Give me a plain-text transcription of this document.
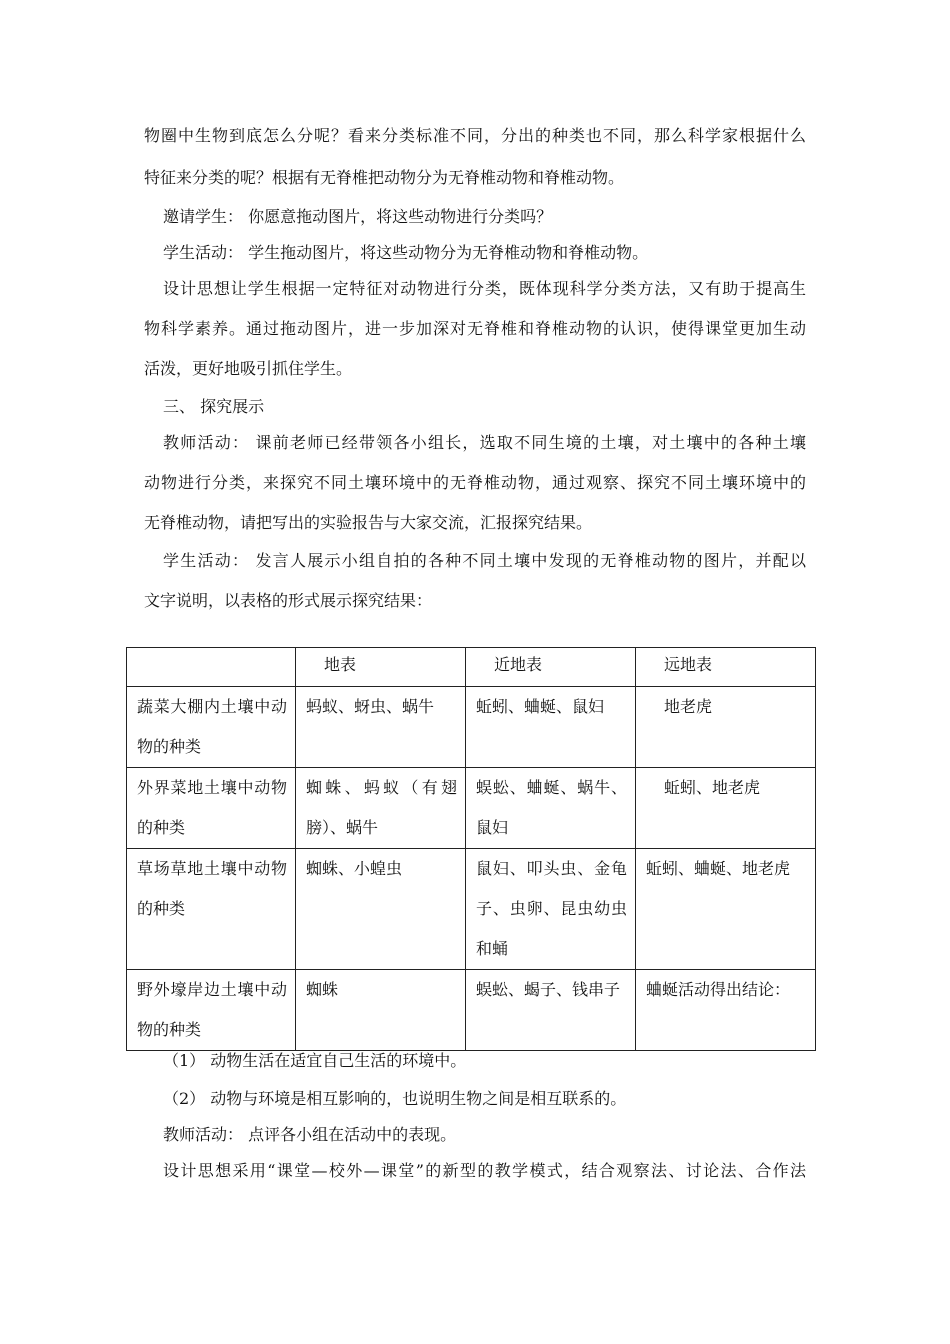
物圈中生物到底怎么分呢？看来分类标准不同，分出的种类也不同，那么科学家根据什么
特征来分类的呢？根据有无脊椎把动物分为无脊椎动物和脊椎动物。
邀请学生： 你愿意拖动图片，将这些动物进行分类吗？
学生活动： 学生拖动图片，将这些动物分为无脊椎动物和脊椎动物。
设计思想让学生根据一定特征对动物进行分类，既体现科学分类方法，又有助于提高生
物科学素养。通过拖动图片，进一步加深对无脊椎和脊椎动物的认识，使得课堂更加生动
活泼，更好地吸引抓住学生。
三、 探究展示
教师活动： 课前老师已经带领各小组长，选取不同生境的土壤，对土壤中的各种土壤
动物进行分类，来探究不同土壤环境中的无脊椎动物，通过观察、探究不同土壤环境中的
无脊椎动物，请把写出的实验报告与大家交流，汇报探究结果。
学生活动： 发言人展示小组自拍的各种不同土壤中发现的无脊椎动物的图片，并配以
文字说明，以表格的形式展示探究结果：

	地表	近地表	远地表

蔬菜大棚内土壤中动物的种类	蚂蚁、蚜虫、蜗牛	蚯蚓、蛐蜒、鼠妇	地老虎

外界菜地土壤中动物的种类	蜘蛛、蚂蚁（有翅膀）、蜗牛	蜈蚣、蛐蜒、蜗牛、鼠妇	蚯蚓、地老虎

草场草地土壤中动物的种类	蜘蛛、小蝗虫	鼠妇、叩头虫、金龟子、虫卵、昆虫幼虫和蛹	蚯蚓、蛐蜒、地老虎

野外壕岸边土壤中动物的种类	蜘蛛	蜈蚣、蝎子、钱串子	蛐蜒活动得出结论：
（1） 动物生活在适宜自己生活的环境中。
（2） 动物与环境是相互影响的，也说明生物之间是相互联系的。
教师活动： 点评各小组在活动中的表现。
设计思想采用“课堂—校外—课堂”的新型的教学模式，结合观察法、讨论法、合作法
